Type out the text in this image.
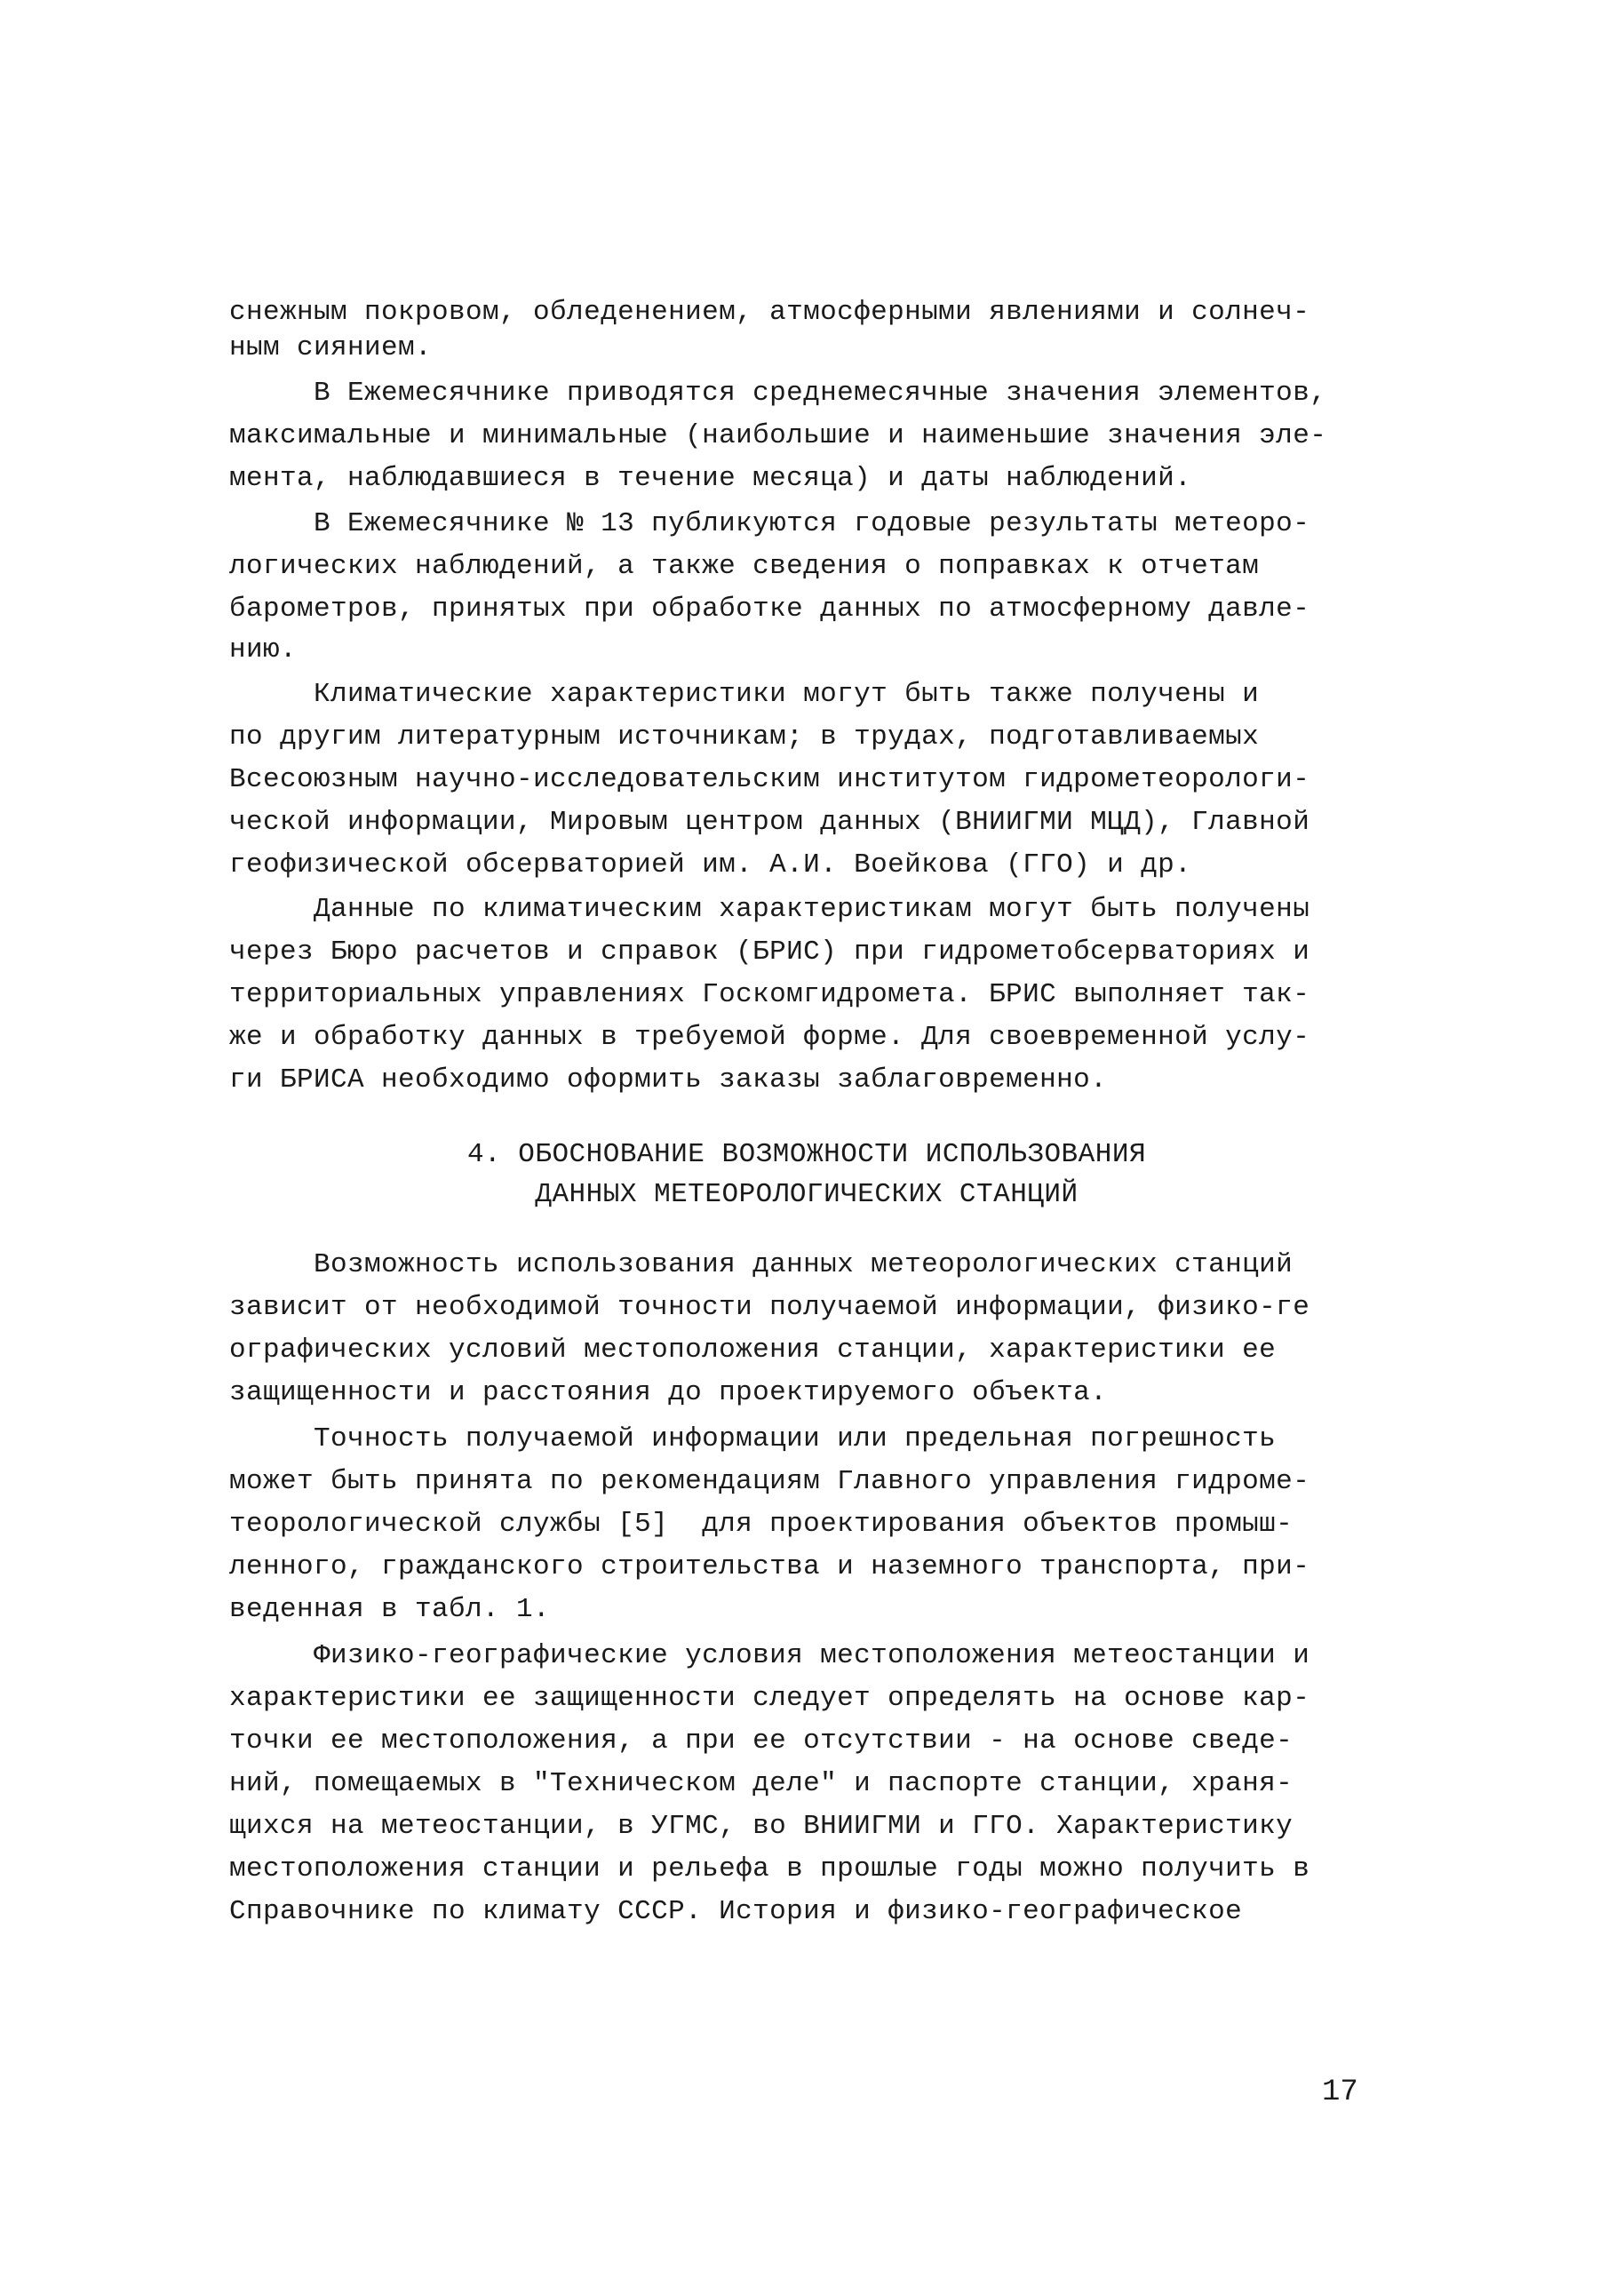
снежным покровом, обледенением, атмосферными явлениями и солнеч-
ным сиянием.
В Ежемесячнике приводятся среднемесячные значения элементов,
максимальные и минимальные (наибольшие и наименьшие значения эле-
мента, наблюдавшиеся в течение месяца) и даты наблюдений.
В Ежемесячнике № 13 публикуются годовые результаты метеоро-
логических наблюдений, а также сведения о поправках к отчетам
барометров, принятых при обработке данных по атмосферному давле-
нию.
Климатические характеристики могут быть также получены и
по другим литературным источникам; в трудах, подготавливаемых
Всесоюзным научно-исследовательским институтом гидрометеорологи-
ческой информации, Мировым центром данных (ВНИИГМИ МЦД), Главной
геофизической обсерваторией им. А.И. Воейкова (ГГО) и др.
Данные по климатическим характеристикам могут быть получены
через Бюро расчетов и справок (БРИС) при гидрометобсерваториях и
территориальных управлениях Госкомгидромета. БРИС выполняет так-
же и обработку данных в требуемой форме. Для своевременной услу-
ги БРИСА необходимо оформить заказы заблаговременно.
4. ОБОСНОВАНИЕ ВОЗМОЖНОСТИ ИСПОЛЬЗОВАНИЯ
ДАННЫХ МЕТЕОРОЛОГИЧЕСКИХ СТАНЦИЙ
Возможность использования данных метеорологических станций
зависит от необходимой точности получаемой информации, физико-ге
ографических условий местоположения станции, характеристики ее
защищенности и расстояния до проектируемого объекта.
Точность получаемой информации или предельная погрешность
может быть принята по рекомендациям Главного управления гидроме-
теорологической службы [5]  для проектирования объектов промыш-
ленного, гражданского строительства и наземного транспорта, при-
веденная в табл. 1.
Физико-географические условия местоположения метеостанции и
характеристики ее защищенности следует определять на основе кар-
точки ее местоположения, а при ее отсутствии - на основе сведе-
ний, помещаемых в "Техническом деле" и паспорте станции, храня-
щихся на метеостанции, в УГМС, во ВНИИГМИ и ГГО. Характеристику
местоположения станции и рельефа в прошлые годы можно получить в
Справочнике по климату СССР. История и физико-географическое
17
